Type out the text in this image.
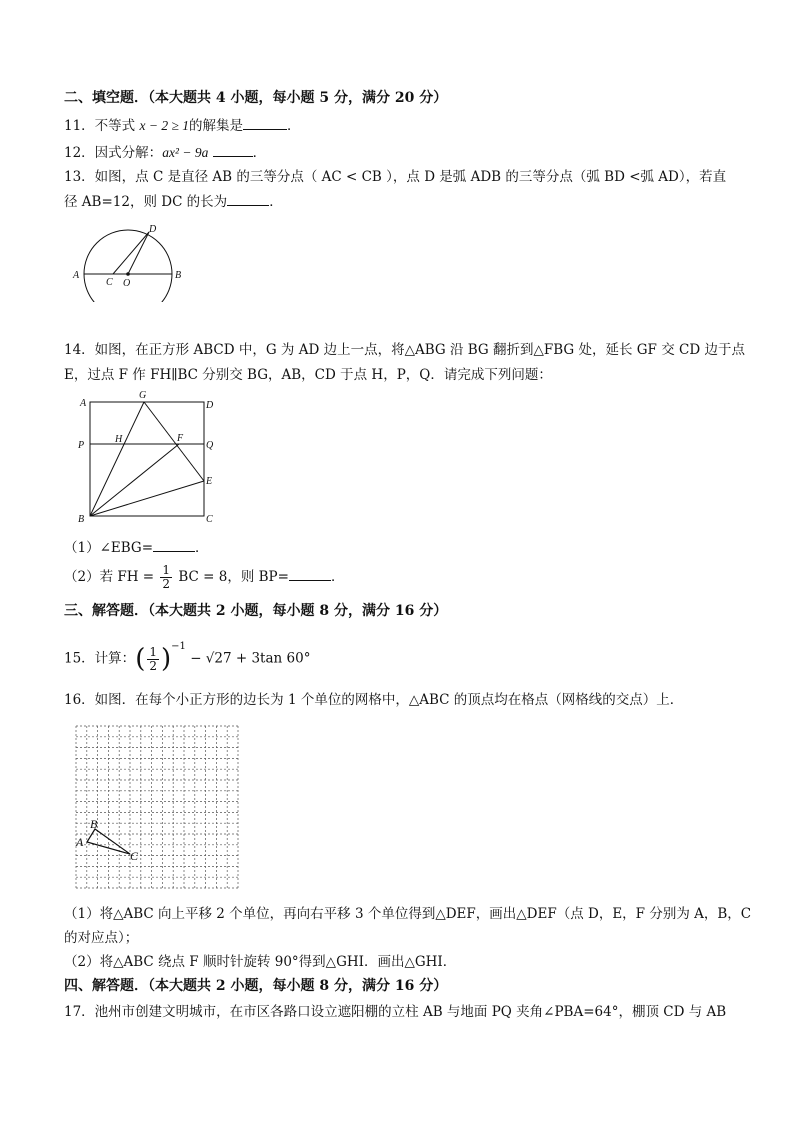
二、填空题．（本大题共 4 小题，每小题 5 分，满分 20 分）
11．不等式 x − 2 ≥ 1的解集是	．
12．因式分解：ax² − 9a	．
13．如图，点 C 是直径 AB 的三等分点（ AC < CB ），点 D 是弧 ADB 的三等分点（弧 BD <弧 AD），若直
径 AB=12，则 DC 的长为	．
A	B
C O
D
14．如图，在正方形 ABCD 中，G 为 AD 边上一点，将△ABG 沿 BG 翻折到△FBG 处，延长 GF 交 CD 边于点
E，过点 F 作 FH∥BC 分别交 BG，AB，CD 于点 H，P，Q．请完成下列问题：
A
G
D
P
H	F
Q
E
B	C
（1）∠EBG=	．
（2）若 FH = $\frac{1}{2}$ BC = 8，则 BP=	．
三、解答题．（本大题共 2 小题，每小题 8 分，满分 16 分）
15．计算：( $\frac{1}{2} )^{-1} - √27 + 3\tan$ 60°
16．如图．在每个小正方形的边长为 1 个单位的网格中，△ABC 的顶点均在格点（网格线的交点）上．
B
A
C
（1）将△ABC 向上平移 2 个单位，再向右平移 3 个单位得到△DEF，画出△DEF（点 D，E，F 分别为 A，B，C
的对应点）；
（2）将△ABC 绕点 F 顺时针旋转 90°得到△GHI．画出△GHI．
四、解答题．（本大题共 2 小题，每小题 8 分，满分 16 分）
17．池州市创建文明城市，在市区各路口设立遮阳棚的立柱 AB 与地面 PQ 夹角∠PBA=64°，棚顶 CD 与 AB
